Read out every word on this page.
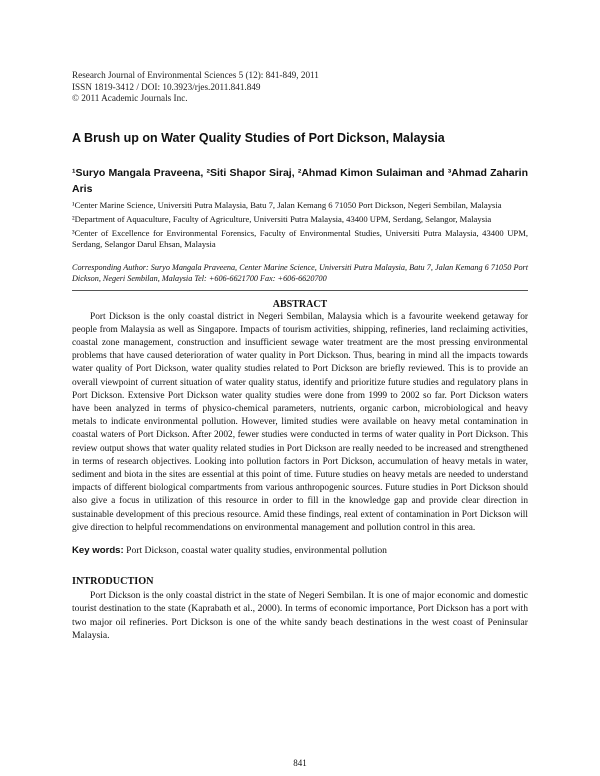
Research Journal of Environmental Sciences 5 (12): 841-849, 2011
ISSN 1819-3412 / DOI: 10.3923/rjes.2011.841.849
© 2011 Academic Journals Inc.
A Brush up on Water Quality Studies of Port Dickson, Malaysia
¹Suryo Mangala Praveena, ²Siti Shapor Siraj, ²Ahmad Kimon Sulaiman and ³Ahmad Zaharin Aris

¹Center Marine Science, Universiti Putra Malaysia, Batu 7, Jalan Kemang 6 71050 Port Dickson, Negeri Sembilan, Malaysia

²Department of Aquaculture, Faculty of Agriculture, Universiti Putra Malaysia, 43400 UPM, Serdang, Selangor, Malaysia

³Center of Excellence for Environmental Forensics, Faculty of Environmental Studies, Universiti Putra Malaysia, 43400 UPM, Serdang, Selangor Darul Ehsan, Malaysia

Corresponding Author: Suryo Mangala Praveena, Center Marine Science, Universiti Putra Malaysia, Batu 7, Jalan Kemang 6 71050 Port Dickson, Negeri Sembilan, Malaysia Tel: +606-6621700 Fax: +606-6620700
ABSTRACT

Port Dickson is the only coastal district in Negeri Sembilan, Malaysia which is a favourite weekend getaway for people from Malaysia as well as Singapore. Impacts of tourism activities, shipping, refineries, land reclaiming activities, coastal zone management, construction and insufficient sewage water treatment are the most pressing environmental problems that have caused deterioration of water quality in Port Dickson. Thus, bearing in mind all the impacts towards water quality of Port Dickson, water quality studies related to Port Dickson are briefly reviewed. This is to provide an overall viewpoint of current situation of water quality status, identify and prioritize future studies and regulatory plans in Port Dickson. Extensive Port Dickson water quality studies were done from 1999 to 2002 so far. Port Dickson waters have been analyzed in terms of physico-chemical parameters, nutrients, organic carbon, microbiological and heavy metals to indicate environmental pollution. However, limited studies were available on heavy metal contamination in coastal waters of Port Dickson. After 2002, fewer studies were conducted in terms of water quality in Port Dickson. This review output shows that water quality related studies in Port Dickson are really needed to be increased and strengthened in terms of research objectives. Looking into pollution factors in Port Dickson, accumulation of heavy metals in water, sediment and biota in the sites are essential at this point of time. Future studies on heavy metals are needed to understand impacts of different biological compartments from various anthropogenic sources. Future studies in Port Dickson should also give a focus in utilization of this resource in order to fill in the knowledge gap and provide clear direction in sustainable development of this precious resource. Amid these findings, real extent of contamination in Port Dickson will give direction to helpful recommendations on environmental management and pollution control in this area.

Key words: Port Dickson, coastal water quality studies, environmental pollution
INTRODUCTION

Port Dickson is the only coastal district in the state of Negeri Sembilan. It is one of major economic and domestic tourist destination to the state (Kaprabath et al., 2000). In terms of economic importance, Port Dickson has a port with two major oil refineries. Port Dickson is one of the white sandy beach destinations in the west coast of Peninsular Malaysia.

841
